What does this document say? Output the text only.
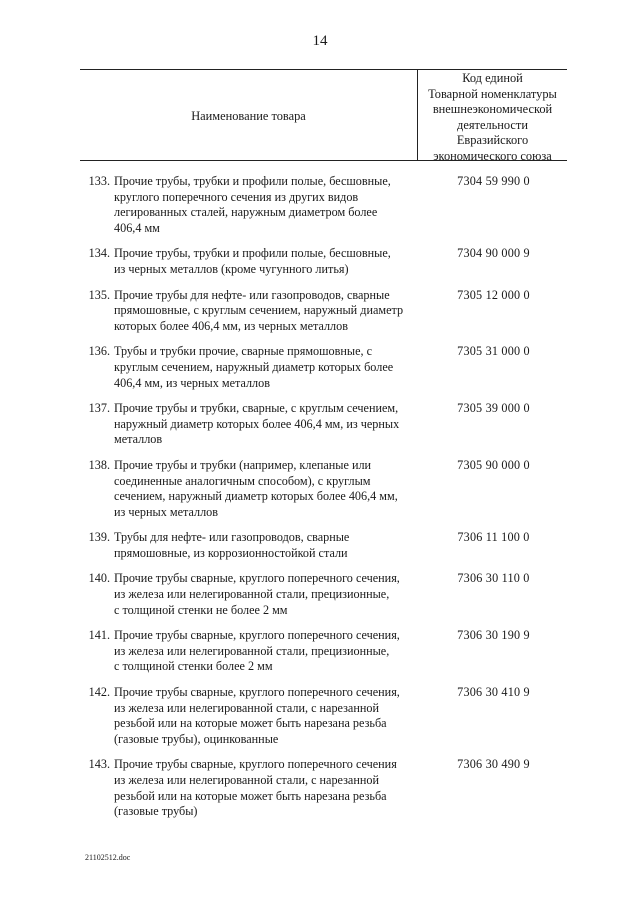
14
Наименование товара
Код единой
Товарной номенклатуры
внешнеэкономической
деятельности
Евразийского
экономического союза
133. Прочие трубы, трубки и профили полые, бесшовные,
круглого поперечного сечения из других видов
легированных сталей, наружным диаметром более
406,4 мм
7304 59 990 0
134. Прочие трубы, трубки и профили полые, бесшовные,
из черных металлов (кроме чугунного литья)
7304 90 000 9
135. Прочие трубы для нефте- или газопроводов, сварные
прямошовные, с круглым сечением, наружный диаметр
которых более 406,4 мм, из черных металлов
7305 12 000 0
136. Трубы и трубки прочие, сварные прямошовные, с
круглым сечением, наружный диаметр которых более
406,4 мм, из черных металлов
7305 31 000 0
137. Прочие трубы и трубки, сварные, с круглым сечением,
наружный диаметр которых более 406,4 мм, из черных
металлов
7305 39 000 0
138. Прочие трубы и трубки (например, клепаные или
соединенные аналогичным способом), с круглым
сечением, наружный диаметр которых более 406,4 мм,
из черных металлов
7305 90 000 0
139. Трубы для нефте- или газопроводов, сварные
прямошовные, из коррозионностойкой стали
7306 11 100 0
140. Прочие трубы сварные, круглого поперечного сечения,
из железа или нелегированной стали, прецизионные,
с толщиной стенки не более 2 мм
7306 30 110 0
141. Прочие трубы сварные, круглого поперечного сечения,
из железа или нелегированной стали, прецизионные,
с толщиной стенки более 2 мм
7306 30 190 9
142. Прочие трубы сварные, круглого поперечного сечения,
из железа или нелегированной стали, с нарезанной
резьбой или на которые может быть нарезана резьба
(газовые трубы), оцинкованные
7306 30 410 9
143. Прочие трубы сварные, круглого поперечного сечения
из железа или нелегированной стали, с нарезанной
резьбой или на которые может быть нарезана резьба
(газовые трубы)
7306 30 490 9
21102512.doc
